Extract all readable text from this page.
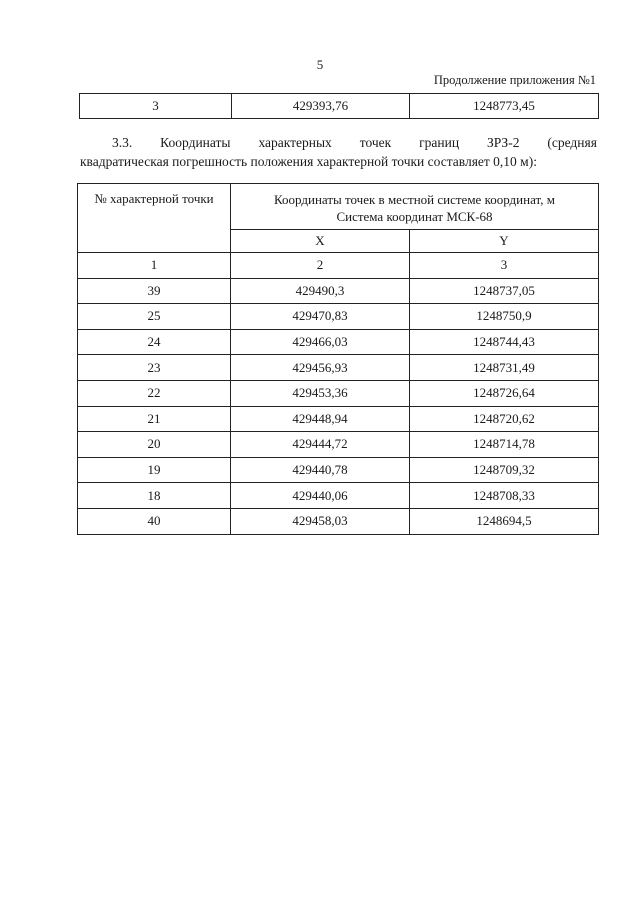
5
Продолжение приложения №1
3	429393,76	1248773,45
3.3. Координаты характерных точек границ ЗРЗ-2 (средняя
квадратическая погрешность положения характерной точки составляет 0,10 м):
№ характерной точки	Координаты точек в местной системе координат, м
Система координат МСК-68	

	X	Y
1	2	3
39	429490,3	1248737,05
25	429470,83	1248750,9
24	429466,03	1248744,43
23	429456,93	1248731,49
22	429453,36	1248726,64
21	429448,94	1248720,62
20	429444,72	1248714,78
19	429440,78	1248709,32
18	429440,06	1248708,33
40	429458,03	1248694,5
